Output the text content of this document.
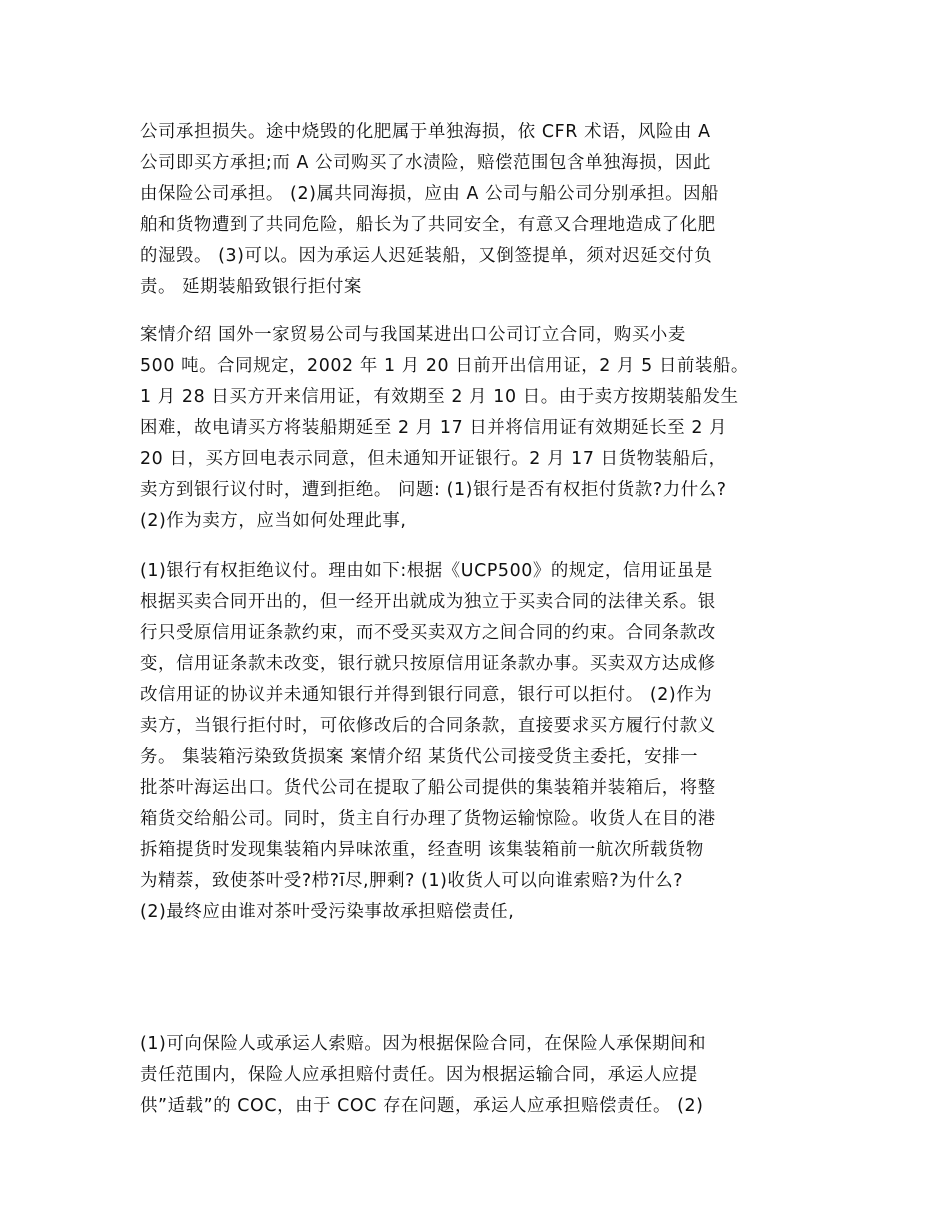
公司承担损失。途中烧毁的化肥属于单独海损，依 CFR 术语，风险由 A
公司即买方承担;而 A 公司购买了水渍险，赔偿范围包含单独海损，因此
由保险公司承担。 (2)属共同海损，应由 A 公司与船公司分别承担。因船
舶和货物遭到了共同危险，船长为了共同安全，有意又合理地造成了化肥
的湿毁。 (3)可以。因为承运人迟延装船，又倒签提单，须对迟延交付负
责。 延期装船致银行拒付案
案情介绍 国外一家贸易公司与我国某进出口公司订立合同，购买小麦
500 吨。合同规定，2002 年 1 月 20 日前开出信用证，2 月 5 日前装船。
1 月 28 日买方开来信用证，有效期至 2 月 10 日。由于卖方按期装船发生
困难，故电请买方将装船期延至 2 月 17 日并将信用证有效期延长至 2 月
20 日，买方回电表示同意，但未通知开证银行。2 月 17 日货物装船后，
卖方到银行议付时，遭到拒绝。 问题: (1)银行是否有权拒付货款?力什么?
(2)作为卖方，应当如何处理此事,
(1)银行有权拒绝议付。理由如下:根据《UCP500》的规定，信用证虽是
根据买卖合同开出的，但一经开出就成为独立于买卖合同的法律关系。银
行只受原信用证条款约束，而不受买卖双方之间合同的约束。合同条款改
变，信用证条款未改变，银行就只按原信用证条款办事。买卖双方达成修
改信用证的协议并未通知银行并得到银行同意，银行可以拒付。 (2)作为
卖方，当银行拒付时，可依修改后的合同条款，直接要求买方履行付款义
务。 集装箱污染致货损案 案情介绍 某货代公司接受货主委托，安排一
批茶叶海运出口。货代公司在提取了船公司提供的集装箱并装箱后，将整
箱货交给船公司。同时，货主自行办理了货物运输惊险。收货人在目的港
拆箱提货时发现集装箱内异味浓重，经查明 该集装箱前一航次所载货物
为精萘，致使茶叶受?栉?ī尽,胛剩? (1)收货人可以向谁索赔?为什么?
(2)最终应由谁对茶叶受污染事故承担赔偿责任,
(1)可向保险人或承运人索赔。因为根据保险合同，在保险人承保期间和
责任范围内，保险人应承担赔付责任。因为根据运输合同，承运人应提
供”适载”的 COC，由于 COC 存在问题，承运人应承担赔偿责任。 (2)
